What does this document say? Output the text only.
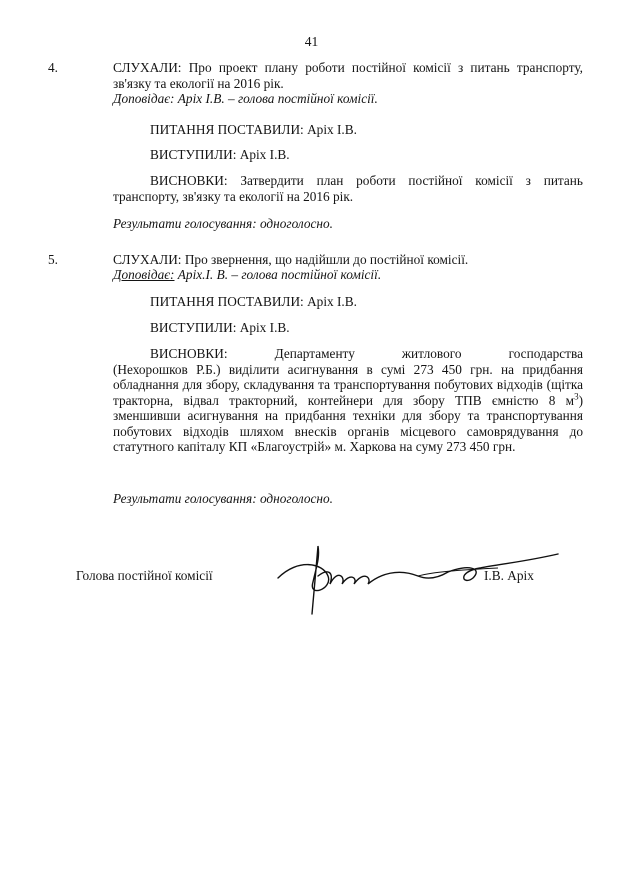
41
4.	СЛУХАЛИ: Про проект плану роботи постійної комісії з питань транспорту, зв'язку та екології на 2016 рік.
Доповідає: Аріх І.В. – голова постійної комісії.
ПИТАННЯ ПОСТАВИЛИ: Аріх І.В.
ВИСТУПИЛИ: Аріх І.В.
ВИСНОВКИ: Затвердити план роботи постійної комісії з питань транспорту, зв'язку та екології на 2016 рік.
Результати голосування: одноголосно.
5.	СЛУХАЛИ: Про звернення, що надійшли до постійної комісії.
Доповідає: Аріх.І. В. – голова постійної комісії.
ПИТАННЯ ПОСТАВИЛИ: Аріх І.В.
ВИСТУПИЛИ: Аріх І.В.

ВИСНОВКИ:	Департаменту житлового господарства

(Нехорошков Р.Б.) виділити асигнування в сумі 273 450 грн. на придбання обладнання для збору, складування та транспортування побутових відходів (щітка тракторна, відвал тракторний, контейнери для збору ТПВ ємністю 8 $м^3$) зменшивши асигнування на придбання техніки для збору та транспортування побутових відходів шляхом внесків органів місцевого самоврядування до статутного капіталу КП «Благоустрій» м. Харкова на суму 273 450 грн.

Результати голосування: одноголосно.
Голова постійної комісії	І.В. Аріх
